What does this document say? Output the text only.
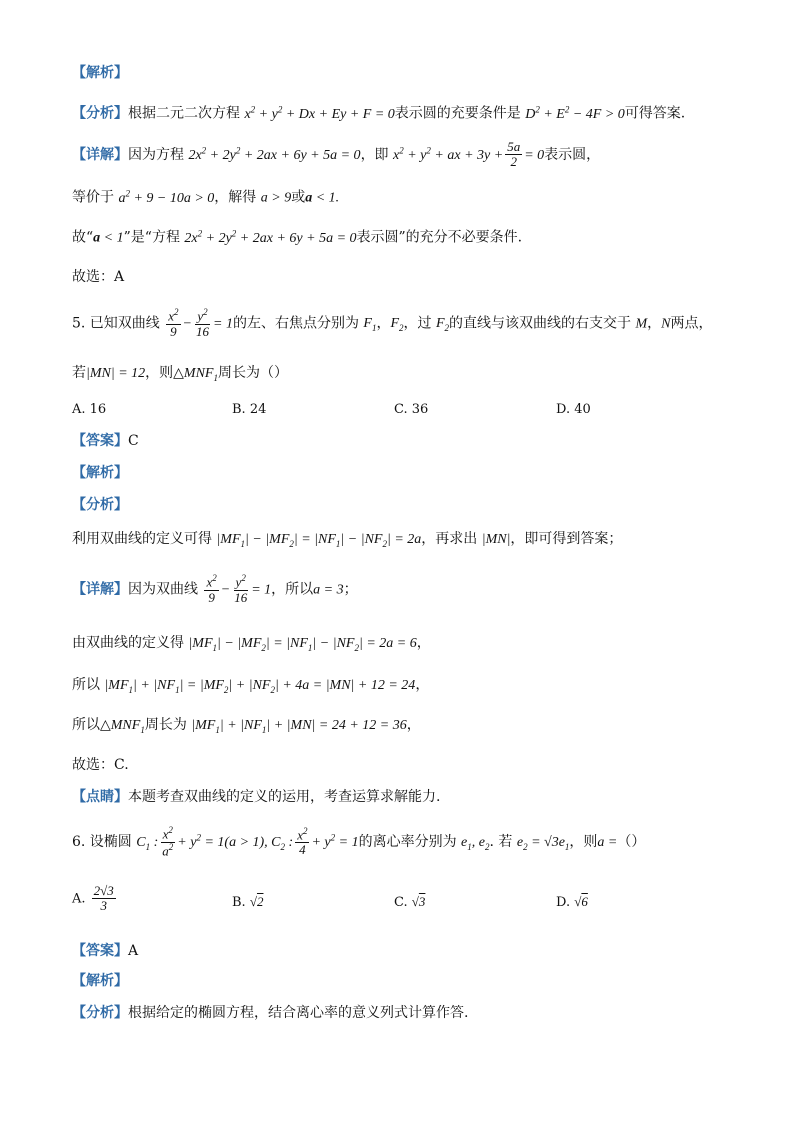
【解析】
【分析】根据二元二次方程 $x^2 + y^2 + Dx + Ey + F = 0$表示圆的充要条件是 $D^2 + E^2 - 4F > 0$可得答案.
【详解】因为方程 $2x^2 + 2y^2 + 2ax + 6y + 5a = 0$，即 $x^2 + y^2$ + ax + $3y + \frac{5a}{2} = 0$表示圆，
等价于 $a^2 + 9 - 10a > 0$，解得 a > 9或a < 1.
故“a < 1”是“方程 $2x^2 + 2y^2 + 2ax + 6y + 5a = 0$表示圆”的充分不必要条件.
故选：A
5. 已知双曲线 $\frac{x^2}{9} - \frac{y^2}{16} = 1$的左、右焦点分别为 $F_1$，$F_2$，过 $F_2$的直线与该双曲线的右支交于 M，N两点，
若|MN| = 12，则$\triangle MNF_1$周长为（）
A. 16	B. 24	C. 36	D. 40
【答案】C
【解析】
【分析】
利用双曲线的定义可得 $|MF_1| - |MF_2| = |NF_1| - |NF_2| = 2a$，再求出 |MN|，即可得到答案；
【详解】因为双曲线 $\frac{x^2}{9} - \frac{y^2}{16} = 1$，所以a = 3；
由双曲线的定义得 $|MF_1| - |MF_2| = |NF_1| - |NF_2| = 2a = 6$，
所以 $|MF_1| + |NF_1| = |MF_2| + |NF_2| + 4a = |MN| + 12 = 24$，
所以$\triangle MNF_1$周长为 $|MF_1| + |NF_1| + |MN| = 24 + 12 = 36$，
故选：C.
【点睛】本题考查双曲线的定义的运用，考查运算求解能力.
6. 设椭圆 $C_1$ : $\frac{x^2}{a^2} + y^2 = 1(a > 1)$, $C_2$ : $\frac{x^2}{4} + y^2 = 1$的离心率分别为 $e_1$, $e_2$. 若 $e_2 = √3e_1$，则a =（）
A. $\frac{2√3}{3}$	B. √2	C. √3	D. √6
【答案】A
【解析】
【分析】根据给定的椭圆方程，结合离心率的意义列式计算作答.
